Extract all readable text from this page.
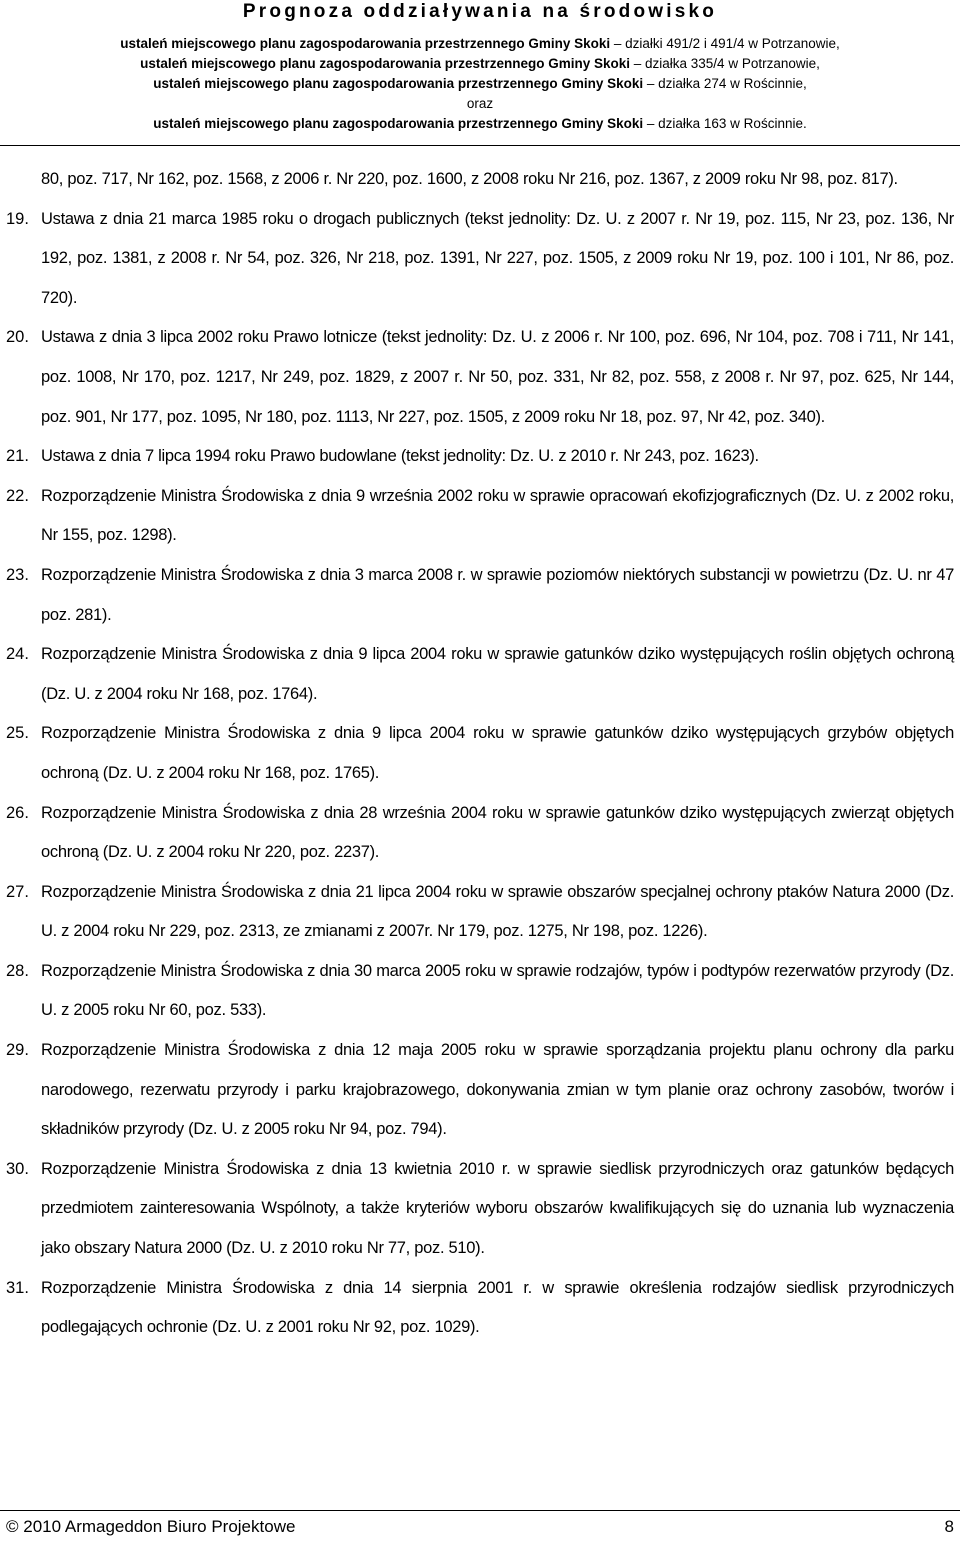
Prognoza oddziaływania na środowisko
ustaleń miejscowego planu zagospodarowania przestrzennego Gminy Skoki – działki 491/2 i 491/4 w Potrzanowie,
ustaleń miejscowego planu zagospodarowania przestrzennego Gminy Skoki – działka 335/4 w Potrzanowie,
ustaleń miejscowego planu zagospodarowania przestrzennego Gminy Skoki – działka 274 w Rościnnie,
oraz
ustaleń miejscowego planu zagospodarowania przestrzennego Gminy Skoki – działka 163 w Rościnnie.
80, poz. 717, Nr 162, poz. 1568, z 2006 r. Nr 220, poz. 1600, z 2008 roku Nr 216, poz. 1367, z 2009 roku Nr 98, poz. 817).
19. Ustawa z dnia 21 marca 1985 roku o drogach publicznych (tekst jednolity: Dz. U. z 2007 r. Nr 19, poz. 115, Nr 23, poz. 136, Nr 192, poz. 1381, z 2008 r. Nr 54, poz. 326, Nr 218, poz. 1391, Nr 227, poz. 1505, z 2009 roku Nr 19, poz. 100 i 101, Nr 86, poz. 720).
20. Ustawa z dnia 3 lipca 2002 roku Prawo lotnicze (tekst jednolity: Dz. U. z 2006 r. Nr 100, poz. 696, Nr 104, poz. 708 i 711, Nr 141, poz. 1008, Nr 170, poz. 1217, Nr 249, poz. 1829, z 2007 r. Nr 50, poz. 331, Nr 82, poz. 558, z 2008 r. Nr 97, poz. 625, Nr 144, poz. 901, Nr 177, poz. 1095, Nr 180, poz. 1113, Nr 227, poz. 1505, z 2009 roku Nr 18, poz. 97, Nr 42, poz. 340).
21. Ustawa z dnia 7 lipca 1994 roku Prawo budowlane (tekst jednolity: Dz. U. z 2010 r. Nr 243, poz. 1623).
22. Rozporządzenie Ministra Środowiska z dnia 9 września 2002 roku w sprawie opracowań ekofizjograficznych (Dz. U. z 2002 roku, Nr 155, poz. 1298).
23. Rozporządzenie Ministra Środowiska z dnia 3 marca 2008 r. w sprawie poziomów niektórych substancji w powietrzu (Dz. U. nr 47 poz. 281).
24. Rozporządzenie Ministra Środowiska z dnia 9 lipca 2004 roku w sprawie gatunków dziko występujących roślin objętych ochroną (Dz. U. z 2004 roku Nr 168, poz. 1764).
25. Rozporządzenie Ministra Środowiska z dnia 9 lipca 2004 roku w sprawie gatunków dziko występujących grzybów objętych ochroną (Dz. U. z 2004 roku Nr 168, poz. 1765).
26. Rozporządzenie Ministra Środowiska z dnia 28 września 2004 roku w sprawie gatunków dziko występujących zwierząt objętych ochroną (Dz. U. z 2004 roku Nr 220, poz. 2237).
27. Rozporządzenie Ministra Środowiska z dnia 21 lipca 2004 roku w sprawie obszarów specjalnej ochrony ptaków Natura 2000 (Dz. U. z 2004 roku Nr 229, poz. 2313, ze zmianami z 2007r. Nr 179, poz. 1275, Nr 198, poz. 1226).
28. Rozporządzenie Ministra Środowiska z dnia 30 marca 2005 roku w sprawie rodzajów, typów i podtypów rezerwatów przyrody (Dz. U. z 2005 roku Nr 60, poz. 533).
29. Rozporządzenie Ministra Środowiska z dnia 12 maja 2005 roku w sprawie sporządzania projektu planu ochrony dla parku narodowego, rezerwatu przyrody i parku krajobrazowego, dokonywania zmian w tym planie oraz ochrony zasobów, tworów i składników przyrody (Dz. U. z 2005 roku Nr 94, poz. 794).
30. Rozporządzenie Ministra Środowiska z dnia 13 kwietnia 2010 r. w sprawie siedlisk przyrodniczych oraz gatunków będących przedmiotem zainteresowania Wspólnoty, a także kryteriów wyboru obszarów kwalifikujących się do uznania lub wyznaczenia jako obszary Natura 2000 (Dz. U. z 2010 roku Nr 77, poz. 510).
31. Rozporządzenie Ministra Środowiska z dnia 14 sierpnia 2001 r. w sprawie określenia rodzajów siedlisk przyrodniczych podlegających ochronie (Dz. U. z 2001 roku Nr 92, poz. 1029).
© 2010 Armageddon Biuro Projektowe	8
